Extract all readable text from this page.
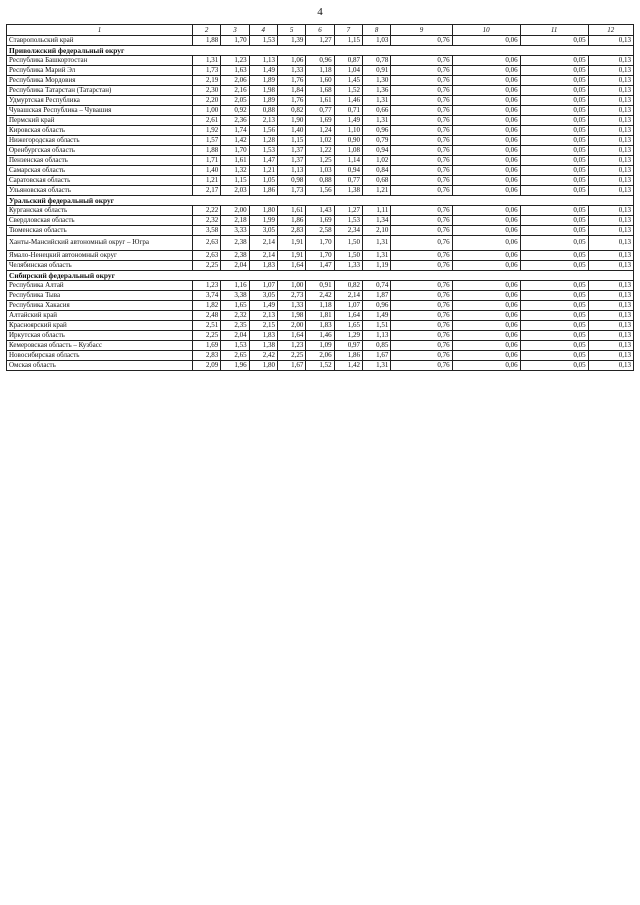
4
1	2	3	4	5	6	7	8	9	10	11	12
Ставропольский край	1,88	1,70	1,53	1,39	1,27	1,15	1,03	0,76	0,06	0,05	0,13
Приволжский федеральный округ											
Республика Башкортостан	1,31	1,23	1,13	1,06	0,96	0,87	0,78	0,76	0,06	0,05	0,13
Республика Марий Эл	1,73	1,63	1,49	1,33	1,18	1,04	0,91	0,76	0,06	0,05	0,13
Республика Мордовия	2,19	2,06	1,89	1,76	1,60	1,45	1,30	0,76	0,06	0,05	0,13
Республика Татарстан (Татарстан)	2,30	2,16	1,98	1,84	1,68	1,52	1,36	0,76	0,06	0,05	0,13
Удмуртская Республика	2,20	2,05	1,89	1,76	1,61	1,46	1,31	0,76	0,06	0,05	0,13
Чувашская Республика – Чувашия	1,00	0,92	0,88	0,82	0,77	0,71	0,66	0,76	0,06	0,05	0,13
Пермский край	2,61	2,36	2,13	1,90	1,69	1,49	1,31	0,76	0,06	0,05	0,13
Кировская область	1,92	1,74	1,56	1,40	1,24	1,10	0,96	0,76	0,06	0,05	0,13
Нижегородская область	1,57	1,42	1,28	1,15	1,02	0,90	0,79	0,76	0,06	0,05	0,13
Оренбургская область	1,88	1,70	1,53	1,37	1,22	1,08	0,94	0,76	0,06	0,05	0,13
Пензенская область	1,71	1,61	1,47	1,37	1,25	1,14	1,02	0,76	0,06	0,05	0,13
Самарская область	1,40	1,32	1,21	1,13	1,03	0,94	0,84	0,76	0,06	0,05	0,13
Саратовская область	1,21	1,15	1,05	0,98	0,88	0,77	0,68	0,76	0,06	0,05	0,13
Ульяновская область	2,17	2,03	1,86	1,73	1,56	1,38	1,21	0,76	0,06	0,05	0,13
Уральский федеральный округ											
Курганская область	2,22	2,00	1,80	1,61	1,43	1,27	1,11	0,76	0,06	0,05	0,13
Свердловская область	2,32	2,18	1,99	1,86	1,69	1,53	1,34	0,76	0,06	0,05	0,13
Тюменская область	3,58	3,33	3,05	2,83	2,58	2,34	2,10	0,76	0,06	0,05	0,13
Ханты-Мансийский автономный округ – Югра	2,63	2,38	2,14	1,91	1,70	1,50	1,31	0,76	0,06	0,05	0,13
Ямало-Ненецкий автономный округ	2,63	2,38	2,14	1,91	1,70	1,50	1,31	0,76	0,06	0,05	0,13
Челябинская область	2,25	2,04	1,83	1,64	1,47	1,33	1,19	0,76	0,06	0,05	0,13
Сибирский федеральный округ											
Республика Алтай	1,23	1,16	1,07	1,00	0,91	0,82	0,74	0,76	0,06	0,05	0,13
Республика Тыва	3,74	3,38	3,05	2,73	2,42	2,14	1,87	0,76	0,06	0,05	0,13
Республика Хакасия	1,82	1,65	1,49	1,33	1,18	1,07	0,96	0,76	0,06	0,05	0,13
Алтайский край	2,48	2,32	2,13	1,98	1,81	1,64	1,49	0,76	0,06	0,05	0,13
Красноярский край	2,51	2,35	2,15	2,00	1,83	1,65	1,51	0,76	0,06	0,05	0,13
Иркутская область	2,25	2,04	1,83	1,64	1,46	1,29	1,13	0,76	0,06	0,05	0,13
Кемеровская область – Кузбасс	1,69	1,53	1,38	1,23	1,09	0,97	0,85	0,76	0,06	0,05	0,13
Новосибирская область	2,83	2,65	2,42	2,25	2,06	1,86	1,67	0,76	0,06	0,05	0,13
Омская область	2,09	1,96	1,80	1,67	1,52	1,42	1,31	0,76	0,06	0,05	0,13
